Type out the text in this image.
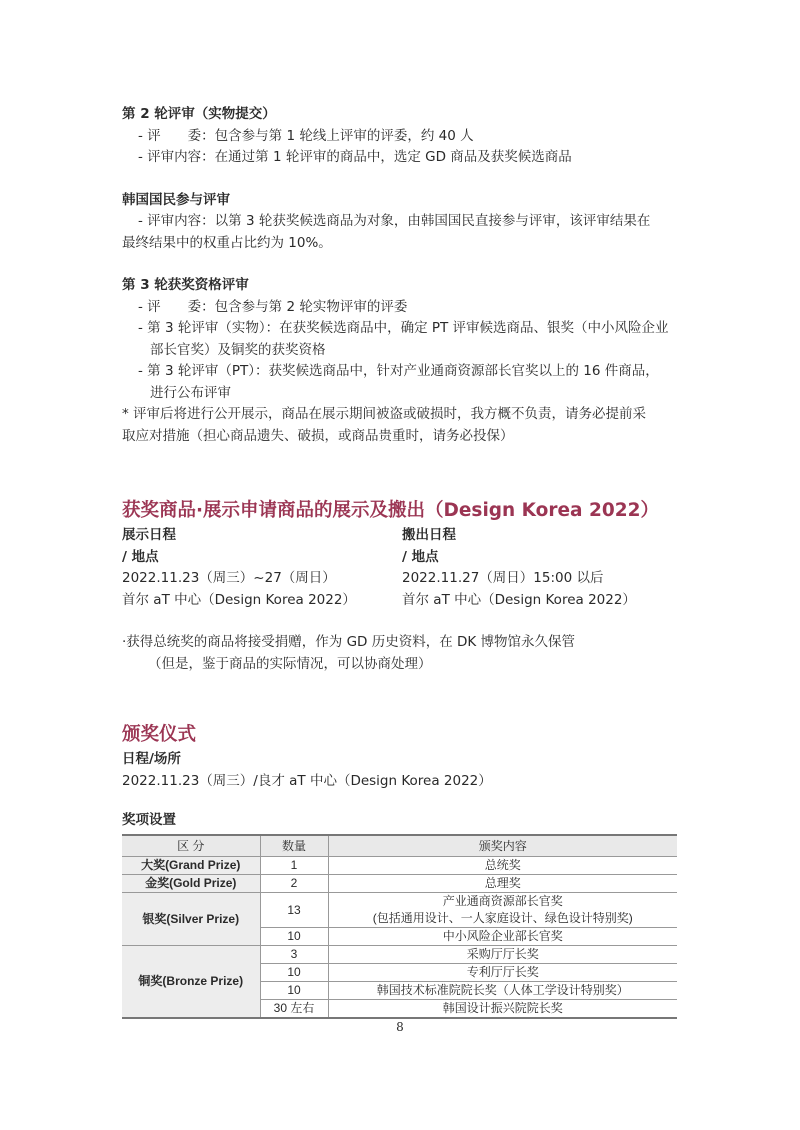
第 2 轮评审（实物提交）

- 评　　委：包含参与第 1 轮线上评审的评委，约 40 人

- 评审内容：在通过第 1 轮评审的商品中，选定 GD 商品及获奖候选商品

韩国国民参与评审

- 评审内容：以第 3 轮获奖候选商品为对象，由韩国国民直接参与评审，该评审结果在

最终结果中的权重占比约为 10%。

第 3 轮获奖资格评审

- 评　　委：包含参与第 2 轮实物评审的评委

- 第 3 轮评审（实物）：在获奖候选商品中，确定 PT 评审候选商品、银奖（中小风险企业部长官奖）及铜奖的获奖资格

- 第 3 轮评审（PT）：获奖候选商品中，针对产业通商资源部长官奖以上的 16 件商品，进行公布评审

* 评审后将进行公开展示，商品在展示期间被盗或破损时，我方概不负责，请务必提前采

取应对措施（担心商品遗失、破损，或商品贵重时，请务必投保）

获奖商品·展示申请商品的展示及搬出（Design Korea 2022）

展示日程

/ 地点

2022.11.23（周三）~27（周日）

首尔 aT 中心（Design Korea 2022）

搬出日程

/ 地点

2022.11.27（周日）15:00 以后

首尔 aT 中心（Design Korea 2022）

·获得总统奖的商品将接受捐赠，作为 GD 历史资料，在 DK 博物馆永久保管

（但是，鉴于商品的实际情况，可以协商处理）

颁奖仪式

日程/场所

2022.11.23（周三）/良才 aT 中心（Design Korea 2022）

奖项设置

区 分	数量	颁奖内容
大奖(Grand Prize)	1	总统奖
金奖(Gold Prize)	2	总理奖
银奖(Silver Prize)	13	产业通商资源部长官奖
(包括通用设计、一人家庭设计、绿色设计特别奖)

	10	中小风险企业部长官奖
铜奖(Bronze Prize)	3	采购厅厅长奖
	10	专利厅厅长奖
	10	韩国技术标准院院长奖（人体工学设计特别奖）
	30 左右	韩国设计振兴院院长奖
8
